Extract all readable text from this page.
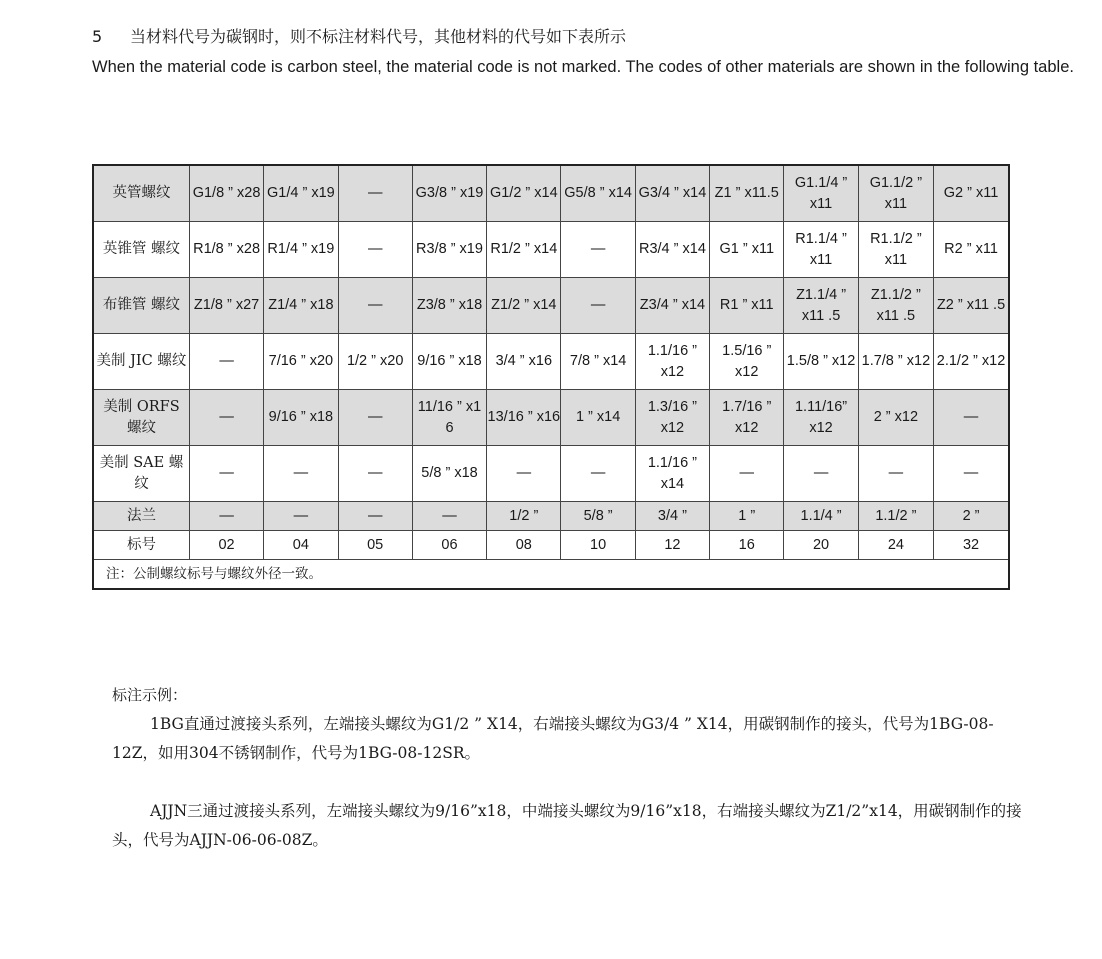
5 当材料代号为碳钢时，则不标注材料代号，其他材料的代号如下表所示
When the material code is carbon steel, the material code is not marked. The codes of other materials are shown in the following table.
英管螺纹	G1/8 ” x28	G1/4 ” x19	—	G3/8 ” x19	G1/2 ” x14	G5/8 ” x14	G3/4 ” x14	Z1 ” x11.5	G1.1/4 ” x11	G1.1/2 ” x11	G2 ” x11
英锥管 螺纹	R1/8 ” x28	R1/4 ” x19	—	R3/8 ” x19	R1/2 ” x14	—	R3/4 ” x14	G1 ” x11	R1.1/4 ” x11	R1.1/2 ” x11	R2 ” x11
布锥管 螺纹	Z1/8 ” x27	Z1/4 ” x18	—	Z3/8 ” x18	Z1/2 ” x14	—	Z3/4 ” x14	R1 ” x11	Z1.1/4 ” x11 .5	Z1.1/2 ” x11 .5	Z2 ” x11 .5
美制 JIC 螺纹	—	7/16 ” x20	1/2 ” x20	9/16 ” x18	3/4 ” x16	7/8 ” x14	1.1/16 ” x12	1.5/16 ” x12	1.5/8 ” x12	1.7/8 ” x12	2.1/2 ” x12
美制 ORFS 螺纹	—	9/16 ” x18	—	11/16 ” x1 6	13/16 ” x16	1 ” x14	1.3/16 ” x12	1.7/16 ” x12	1.11/16” x12	2 ” x12	—
美制 SAE 螺纹	—	—	—	5/8 ” x18	—	—	1.1/16 ” x14	—	—	—	—
法兰	—	—	—	—	1/2 ”	5/8 ”	3/4 ”	1 ”	1.1/4 ”	1.1/2 ”	2 ”
标号	02	04	05	06	08	10	12	16	20	24	32
注：公制螺纹标号与螺纹外径一致。											
标注示例：
1BG直通过渡接头系列，左端接头螺纹为G1/2 ” X14，右端接头螺纹为G3/4 ” X14，用碳钢制作的接头，代号为1BG-08-12Z，如用304不锈钢制作，代号为1BG-08-12SR。
AJJN三通过渡接头系列，左端接头螺纹为9/16”x18，中端接头螺纹为9/16”x18，右端接头螺纹为Z1/2”x14，用碳钢制作的接头，代号为AJJN-06-06-08Z。
